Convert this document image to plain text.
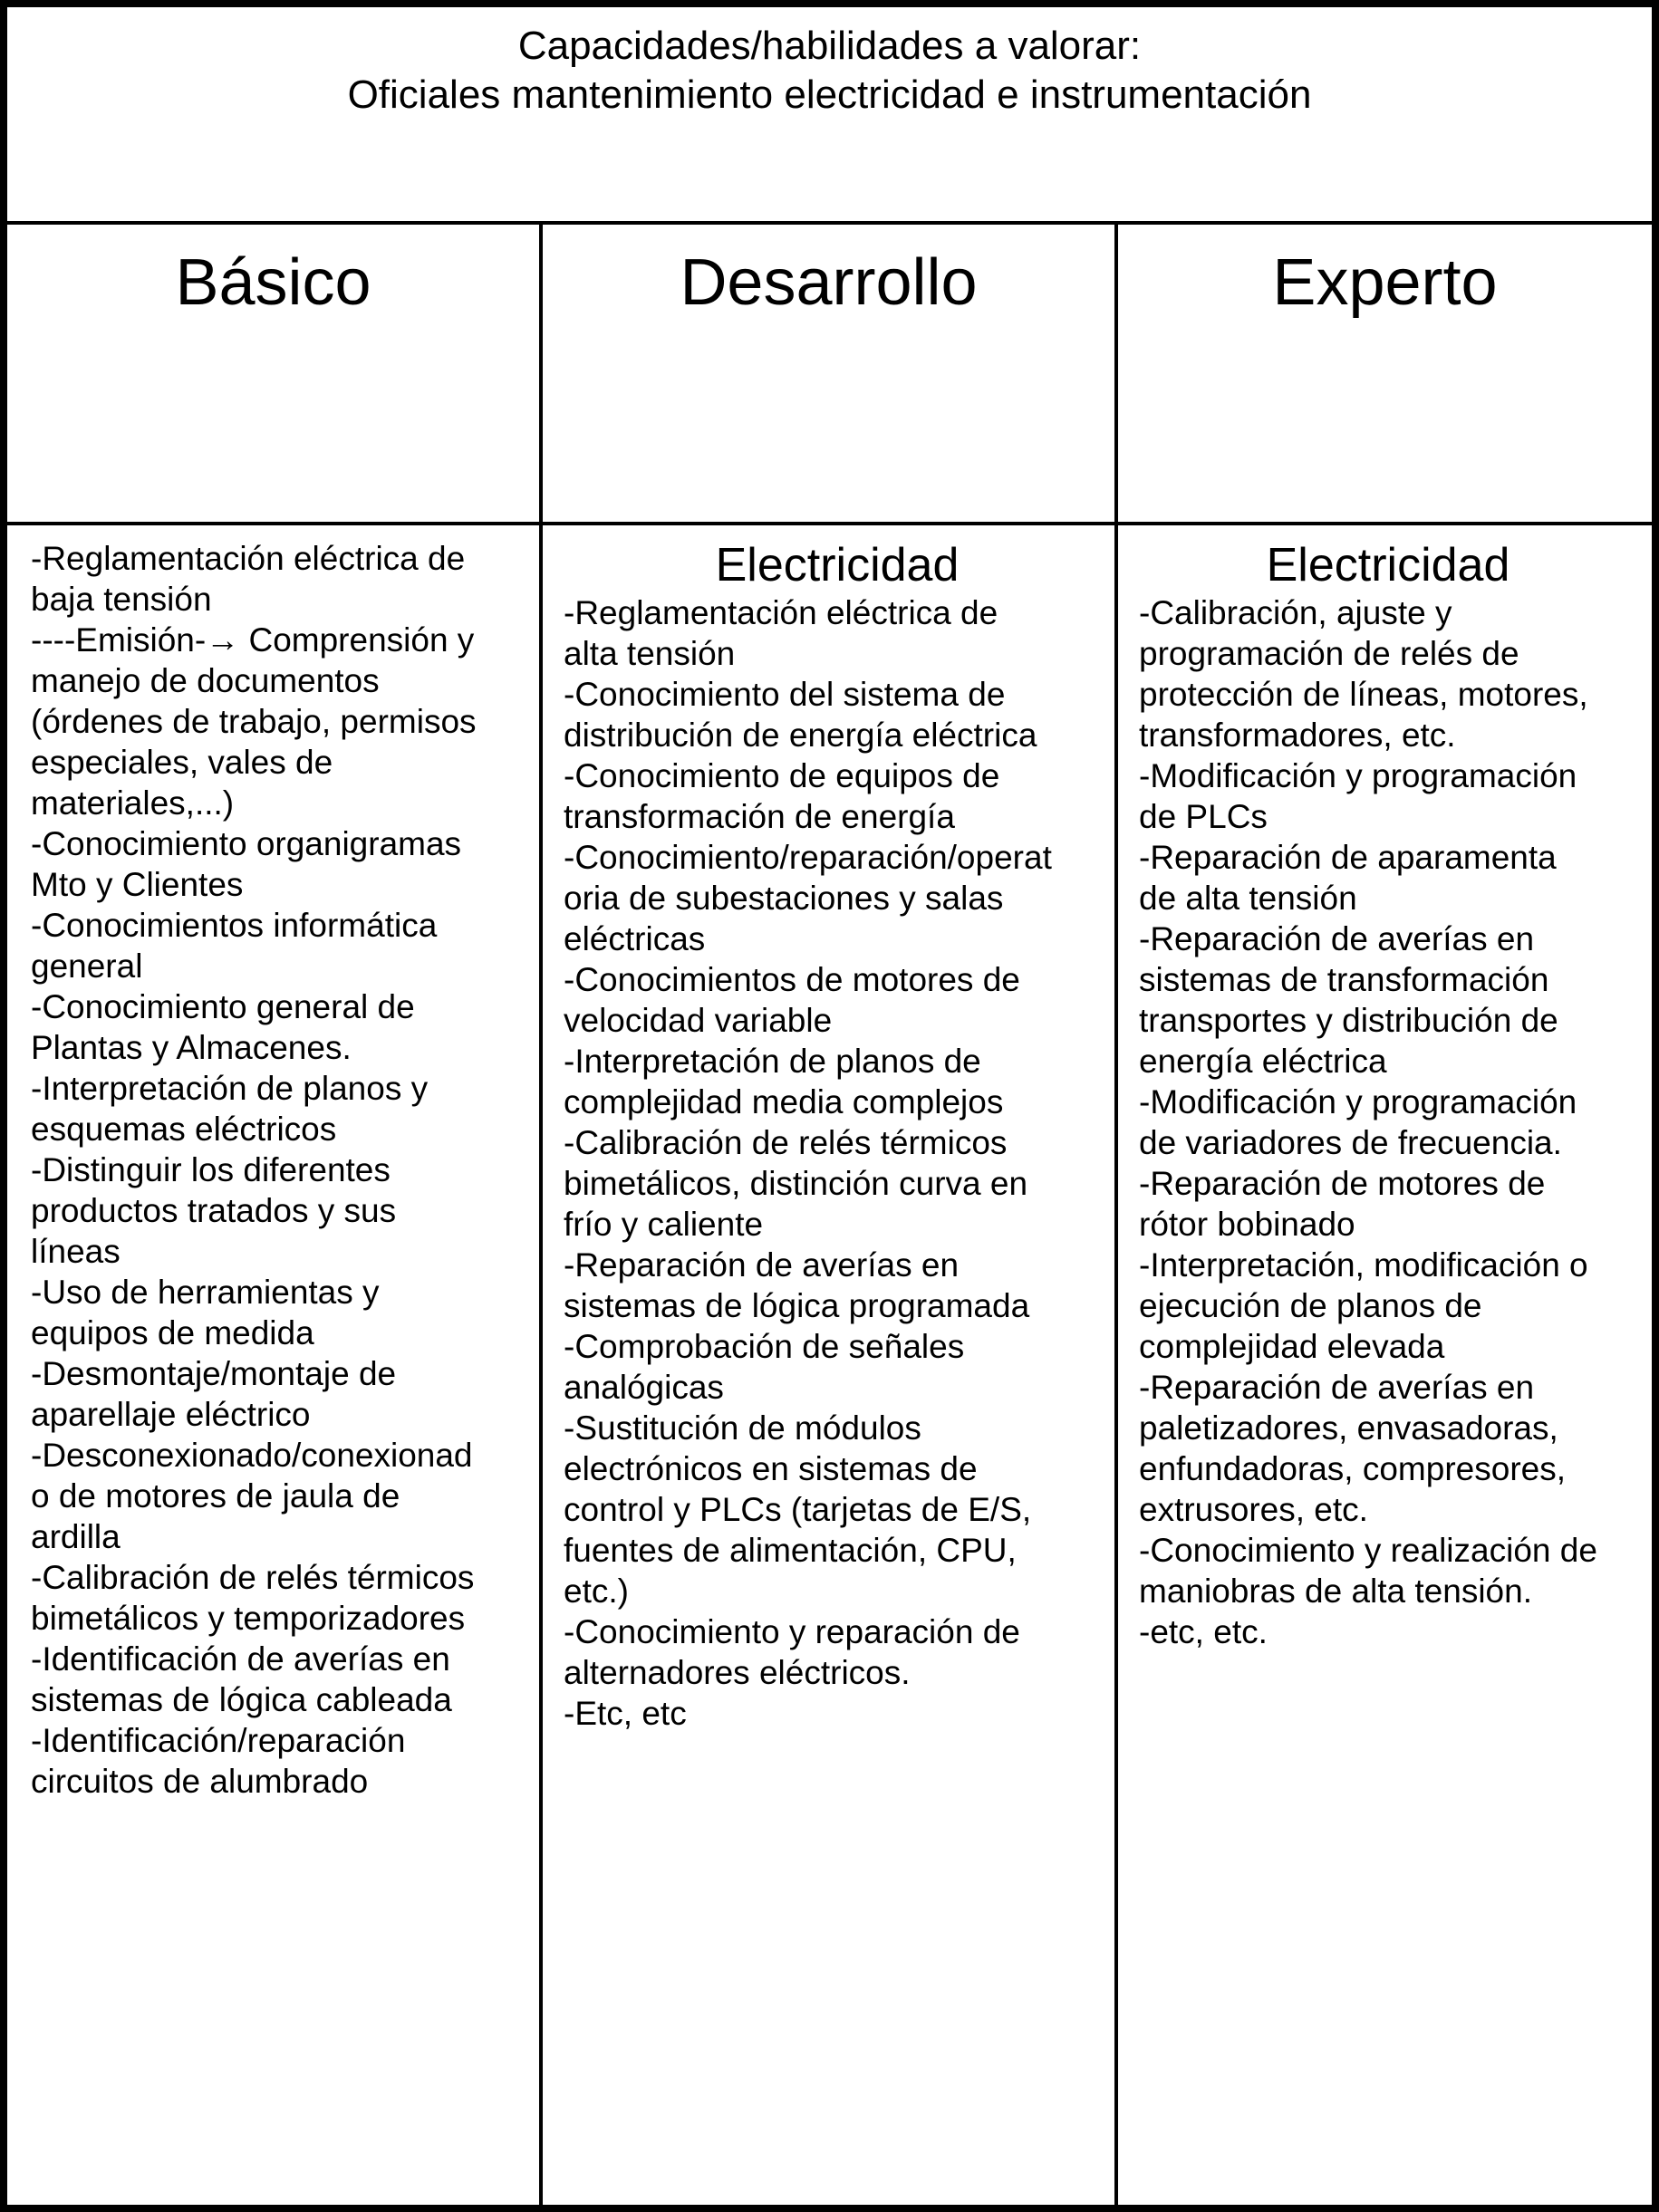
Capacidades/habilidades a valorar:
Oficiales mantenimiento electricidad e instrumentación
Básico	Desarrollo	Experto
-Reglamentación eléctrica de
baja tensión
----Emisión-→ Comprensión y
manejo de documentos
(órdenes de trabajo, permisos
especiales, vales de
materiales,...)
-Conocimiento organigramas
Mto y Clientes
-Conocimientos informática
general
-Conocimiento general de
Plantas y Almacenes.
-Interpretación de planos y
esquemas eléctricos
-Distinguir los diferentes
productos tratados y sus
líneas
-Uso de herramientas y
equipos de medida
-Desmontaje/montaje de
aparellaje eléctrico
-Desconexionado/conexionad
o de motores de jaula de
ardilla
-Calibración de relés térmicos
bimetálicos y temporizadores
-Identificación de averías en
sistemas de lógica cableada
-Identificación/reparación
circuitos de alumbrado
Electricidad
-Reglamentación eléctrica de
alta tensión
-Conocimiento del sistema de
distribución de energía eléctrica
-Conocimiento de equipos de
transformación de energía
-Conocimiento/reparación/operat
oria de subestaciones y salas
eléctricas
-Conocimientos de motores de
velocidad variable
-Interpretación de planos de
complejidad media complejos
-Calibración de relés térmicos
bimetálicos, distinción curva en
frío y caliente
-Reparación de averías en
sistemas de lógica programada
-Comprobación de señales
analógicas
-Sustitución de módulos
electrónicos en sistemas de
control y PLCs (tarjetas de E/S,
fuentes de alimentación, CPU,
etc.)
-Conocimiento y reparación de
alternadores eléctricos.
-Etc, etc
Electricidad
-Calibración, ajuste y
programación de relés de
protección de líneas, motores,
transformadores, etc.
-Modificación y programación
de PLCs
-Reparación de aparamenta
de alta tensión
-Reparación de averías en
sistemas de transformación
transportes y distribución de
energía eléctrica
-Modificación y programación
de variadores de frecuencia.
-Reparación de motores de
rótor bobinado
-Interpretación, modificación o
ejecución de planos de
complejidad elevada
-Reparación de averías en
paletizadores, envasadoras,
enfundadoras, compresores,
extrusores, etc.
-Conocimiento y realización de
maniobras de alta tensión.
-etc, etc.
